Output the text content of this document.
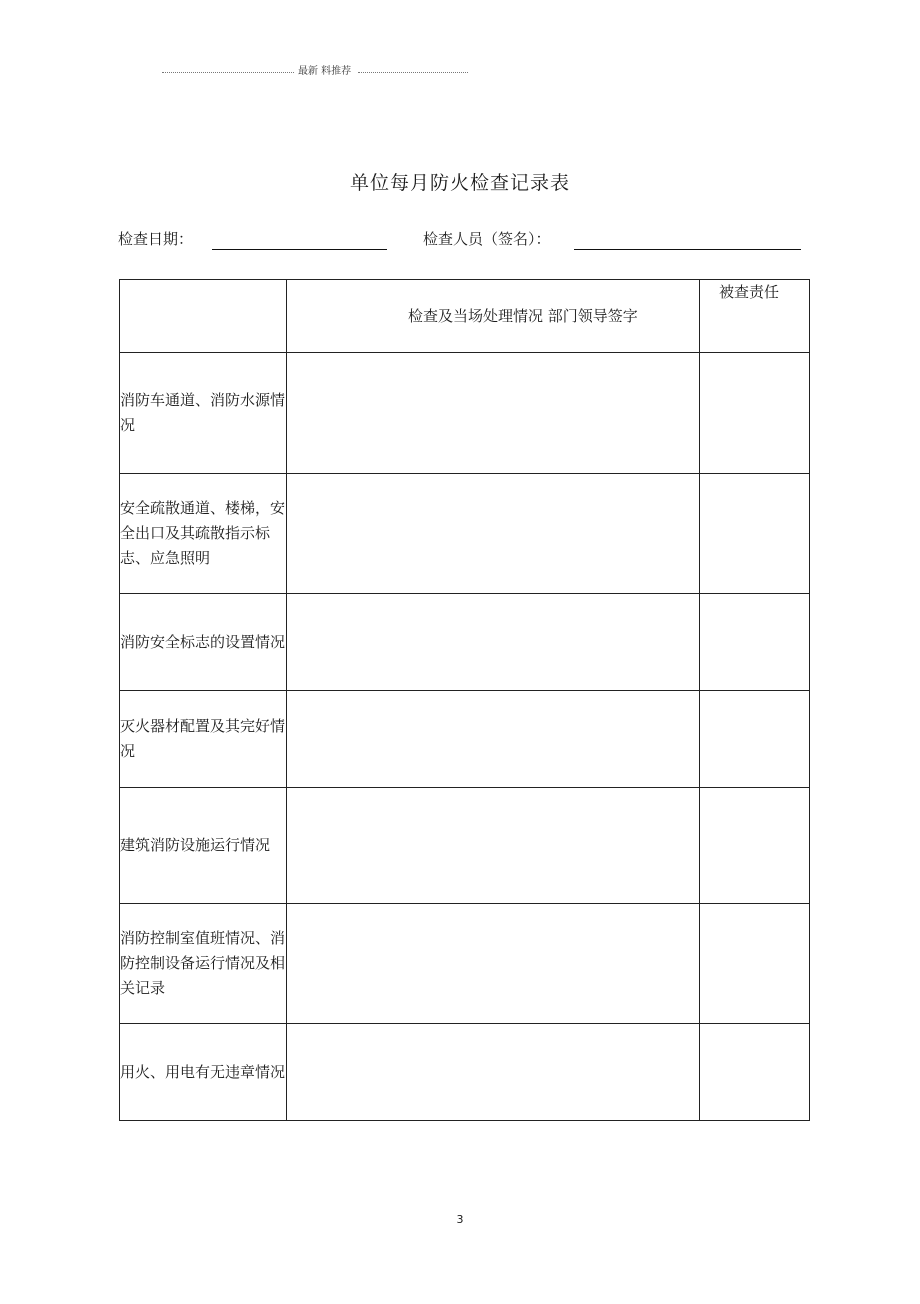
最新 料推荐
单位每月防火检查记录表
检查日期：	检查人员（签名）：

	检查及当场处理情况 部门领导签字	被查责任

消防车通道、消防水源情况		
安全疏散通道、楼梯，安全出口及其疏散指示标志、应急照明		
消防安全标志的设置情况		
灭火器材配置及其完好情况		
建筑消防设施运行情况		
消防控制室值班情况、消防控制设备运行情况及相关记录		
用火、用电有无违章情况		
3
